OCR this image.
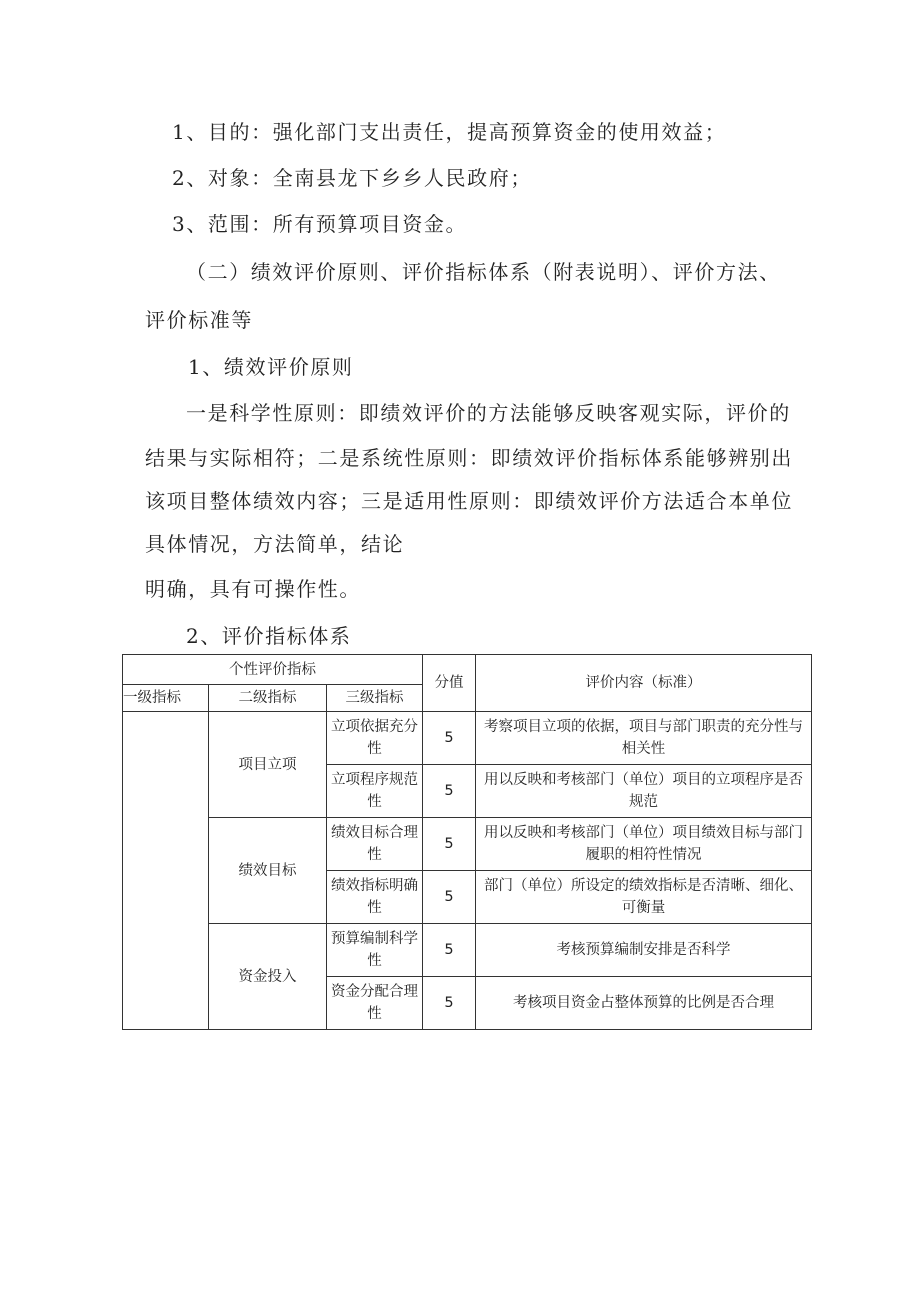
1、目的：强化部门支出责任，提高预算资金的使用效益；

2、对象：全南县龙下乡乡人民政府；

3、范围：所有预算项目资金。

（二）绩效评价原则、评价指标体系（附表说明）、评价方法、

评价标准等

1、绩效评价原则

一是科学性原则：即绩效评价的方法能够反映客观实际，评价的

结果与实际相符；二是系统性原则：即绩效评价指标体系能够辨别出

该项目整体绩效内容；三是适用性原则：即绩效评价方法适合本单位

具体情况，方法简单，结论

明确，具有可操作性。

2、评价指标体系

个性评价指标			分值	评价内容（标准）
一级指标	二级指标	三级指标		
	项目立项	立项依据充分性	5	考察项目立项的依据，项目与部门职责的充分性与相关性
		立项程序规范性	5	用以反映和考核部门（单位）项目的立项程序是否规范
	绩效目标	绩效目标合理性	5	用以反映和考核部门（单位）项目绩效目标与部门履职的相符性情况
		绩效指标明确性	5	部门（单位）所设定的绩效指标是否清晰、细化、可衡量
	资金投入	预算编制科学性	5	考核预算编制安排是否科学
		资金分配合理性	5	考核项目资金占整体预算的比例是否合理
